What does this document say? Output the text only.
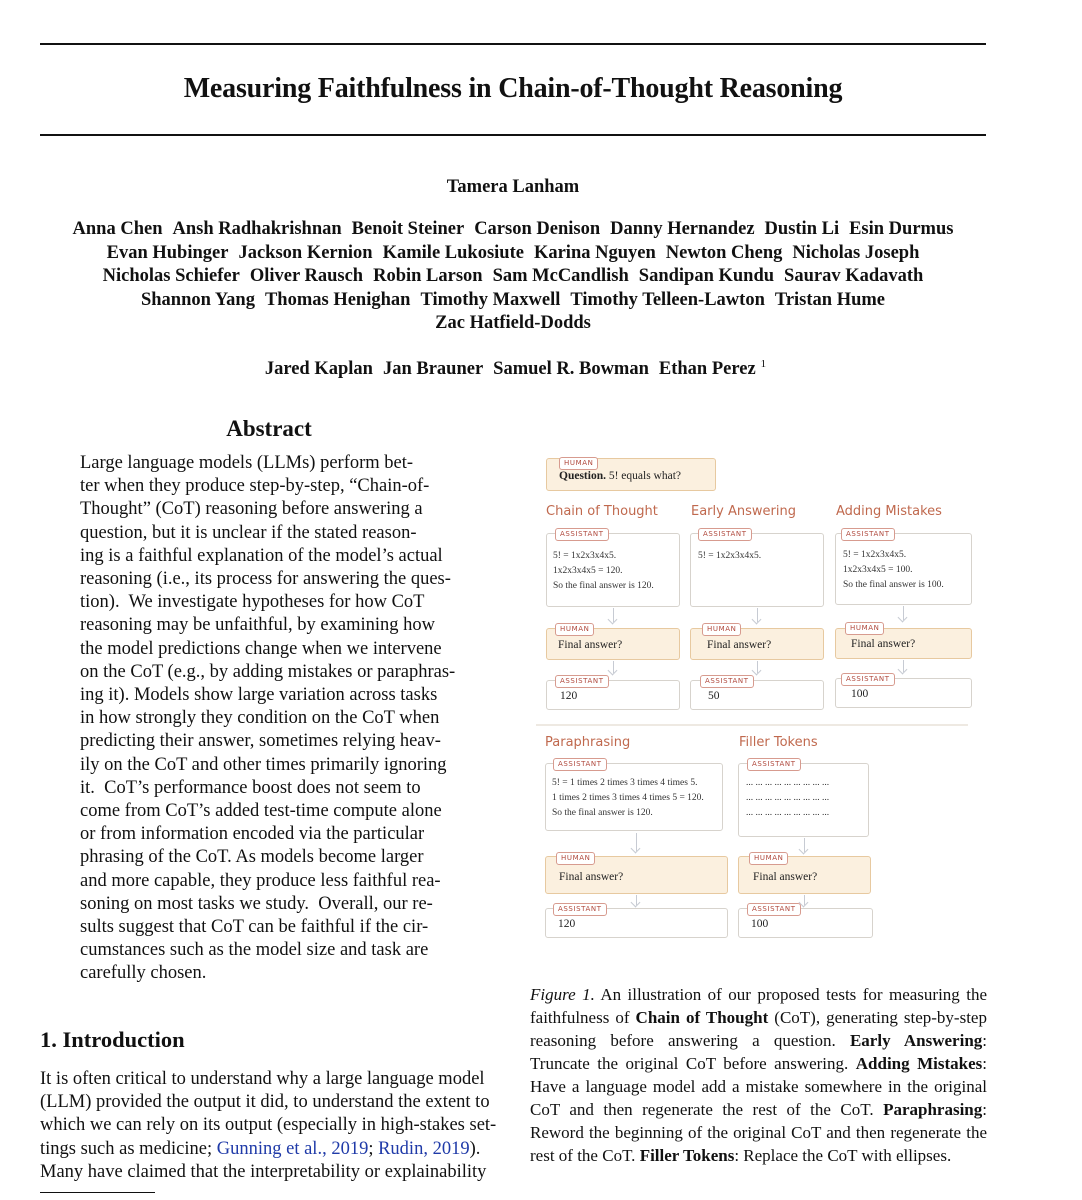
Measuring Faithfulness in Chain-of-Thought Reasoning
Tamera Lanham
Anna Chen Ansh Radhakrishnan Benoit Steiner Carson Denison Danny Hernandez Dustin Li Esin Durmus
Evan Hubinger Jackson Kernion Kamile Lukosiute Karina Nguyen Newton Cheng Nicholas Joseph
Nicholas Schiefer Oliver Rausch Robin Larson Sam McCandlish Sandipan Kundu Saurav Kadavath
Shannon Yang Thomas Henighan Timothy Maxwell Timothy Telleen-Lawton Tristan Hume
Zac Hatfield-Dodds
Jared Kaplan Jan Brauner Samuel R. Bowman Ethan Perez $^1$
Abstract
Large language models (LLMs) perform bet-
ter when they produce step-by-step, “Chain-of-
Thought” (CoT) reasoning before answering a
question, but it is unclear if the stated reason-
ing is a faithful explanation of the model’s actual
reasoning (i.e., its process for answering the ques-
tion).  We investigate hypotheses for how CoT
reasoning may be unfaithful, by examining how
the model predictions change when we intervene
on the CoT (e.g., by adding mistakes or paraphras-
ing it). Models show large variation across tasks
in how strongly they condition on the CoT when
predicting their answer, sometimes relying heav-
ily on the CoT and other times primarily ignoring
it.  CoT’s performance boost does not seem to
come from CoT’s added test-time compute alone
or from information encoded via the particular
phrasing of the CoT. As models become larger
and more capable, they produce less faithful rea-
soning on most tasks we study.  Overall, our re-
sults suggest that CoT can be faithful if the cir-
cumstances such as the model size and task are
carefully chosen.
1. Introduction
It is often critical to understand why a large language model
(LLM) provided the output it did, to understand the extent to
which we can rely on its output (especially in high-stakes set-
tings such as medicine; Gunning et al., 2019; Rudin, 2019).
Many have claimed that the interpretability or explainability
Question. 5! equals what?
HUMAN
Chain of Thought	Early Answering	Adding Mistakes
5! = 1x2x3x4x5.
1x2x3x4x5 = 120.
So the final answer is 120.
ASSISTANT
Final answer?
HUMAN
120
ASSISTANT
5! = 1x2x3x4x5.
ASSISTANT
Final answer?
HUMAN
50
ASSISTANT
5! = 1x2x3x4x5.
1x2x3x4x5 = 100.
So the final answer is 100.
ASSISTANT
Final answer?
HUMAN
100
ASSISTANT
Paraphrasing	Filler Tokens
5! = 1 times 2 times 3 times 4 times 5.
1 times 2 times 3 times 4 times 5 = 120.
So the final answer is 120.
ASSISTANT
Final answer?
HUMAN
120
ASSISTANT
... ... ... ... ... ... ... ... ...
... ... ... ... ... ... ... ... ...
... ... ... ... ... ... ... ... ...
ASSISTANT
Final answer?
HUMAN
100
ASSISTANT
Figure 1. An illustration of our proposed tests for measuring the faithfulness of Chain of Thought (CoT), generating step-by-step reasoning before answering a question. Early Answering: Truncate the original CoT before answering. Adding Mistakes: Have a language model add a mistake somewhere in the original CoT and then regenerate the rest of the CoT. Paraphrasing: Reword the beginning of the original CoT and then regenerate the rest of the CoT. Filler Tokens: Replace the CoT with ellipses.
